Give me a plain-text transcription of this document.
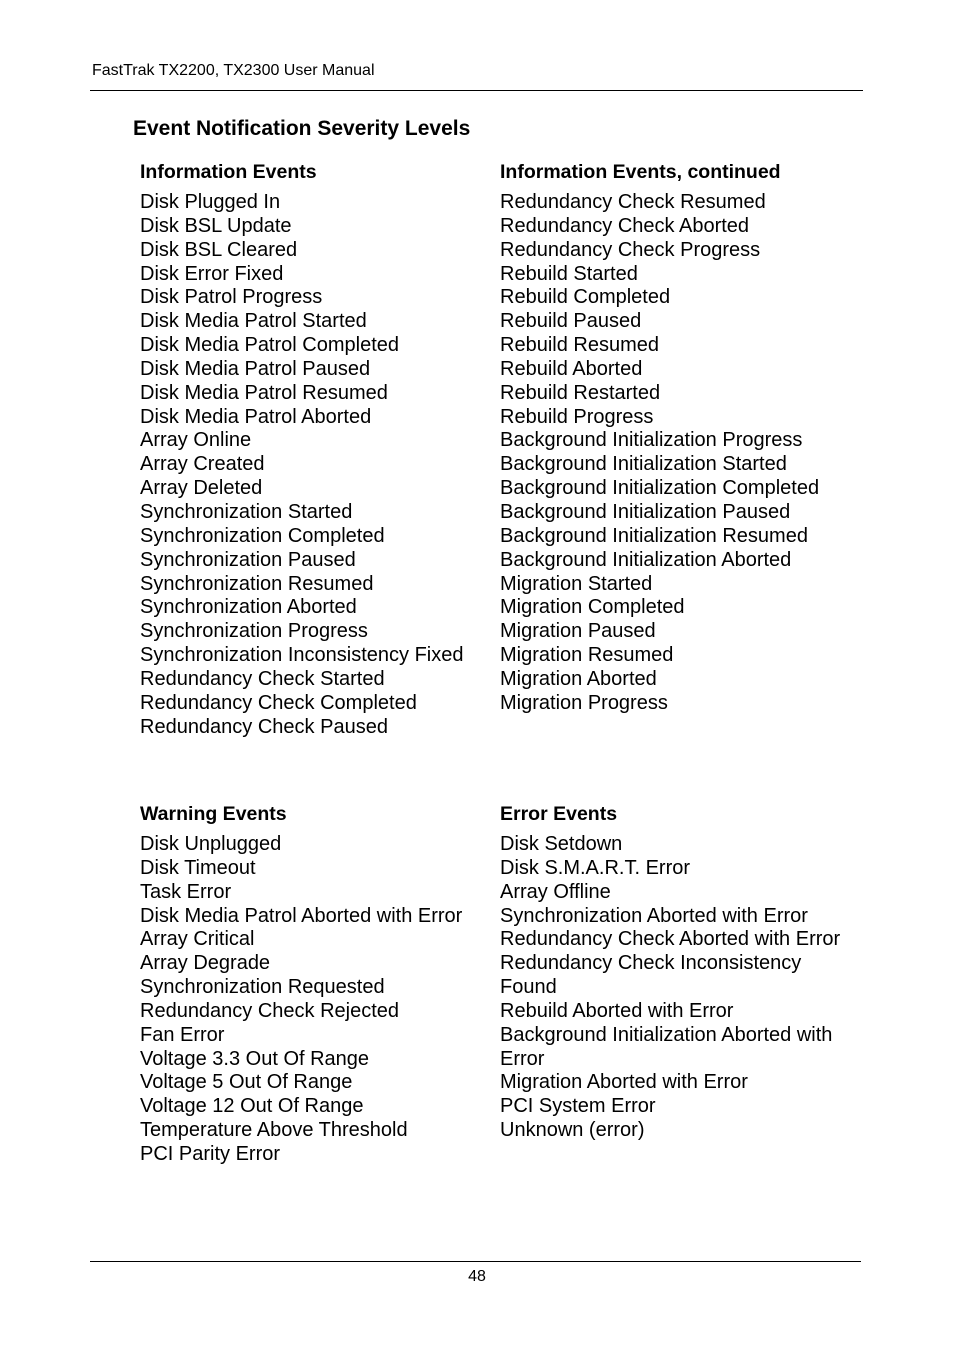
FastTrak TX2200, TX2300 User Manual
Event Notification Severity Levels
Information Events
Disk Plugged In
Disk BSL Update
Disk BSL Cleared
Disk Error Fixed
Disk Patrol Progress
Disk Media Patrol Started
Disk Media Patrol Completed
Disk Media Patrol Paused
Disk Media Patrol Resumed
Disk Media Patrol Aborted
Array Online
Array Created
Array Deleted
Synchronization Started
Synchronization Completed
Synchronization Paused
Synchronization Resumed
Synchronization Aborted
Synchronization Progress
Synchronization Inconsistency Fixed
Redundancy Check Started
Redundancy Check Completed
Redundancy Check Paused
Information Events, continued
Redundancy Check Resumed
Redundancy Check Aborted
Redundancy Check Progress
Rebuild Started
Rebuild Completed
Rebuild Paused
Rebuild Resumed
Rebuild Aborted
Rebuild Restarted
Rebuild Progress
Background Initialization Progress
Background Initialization Started
Background Initialization Completed
Background Initialization Paused
Background Initialization Resumed
Background Initialization Aborted
Migration Started
Migration Completed
Migration Paused
Migration Resumed
Migration Aborted
Migration Progress
Warning Events
Disk Unplugged
Disk Timeout
Task Error
Disk Media Patrol Aborted with Error
Array Critical
Array Degrade
Synchronization Requested
Redundancy Check Rejected
Fan Error
Voltage 3.3 Out Of Range
Voltage 5 Out Of Range
Voltage 12 Out Of Range
Temperature Above Threshold
PCI Parity Error
Error Events
Disk Setdown
Disk S.M.A.R.T. Error
Array Offline
Synchronization Aborted with Error
Redundancy Check Aborted with Error
Redundancy Check Inconsistency
Found
Rebuild Aborted with Error
Background Initialization Aborted with
Error
Migration Aborted with Error
PCI System Error
Unknown (error)
48
